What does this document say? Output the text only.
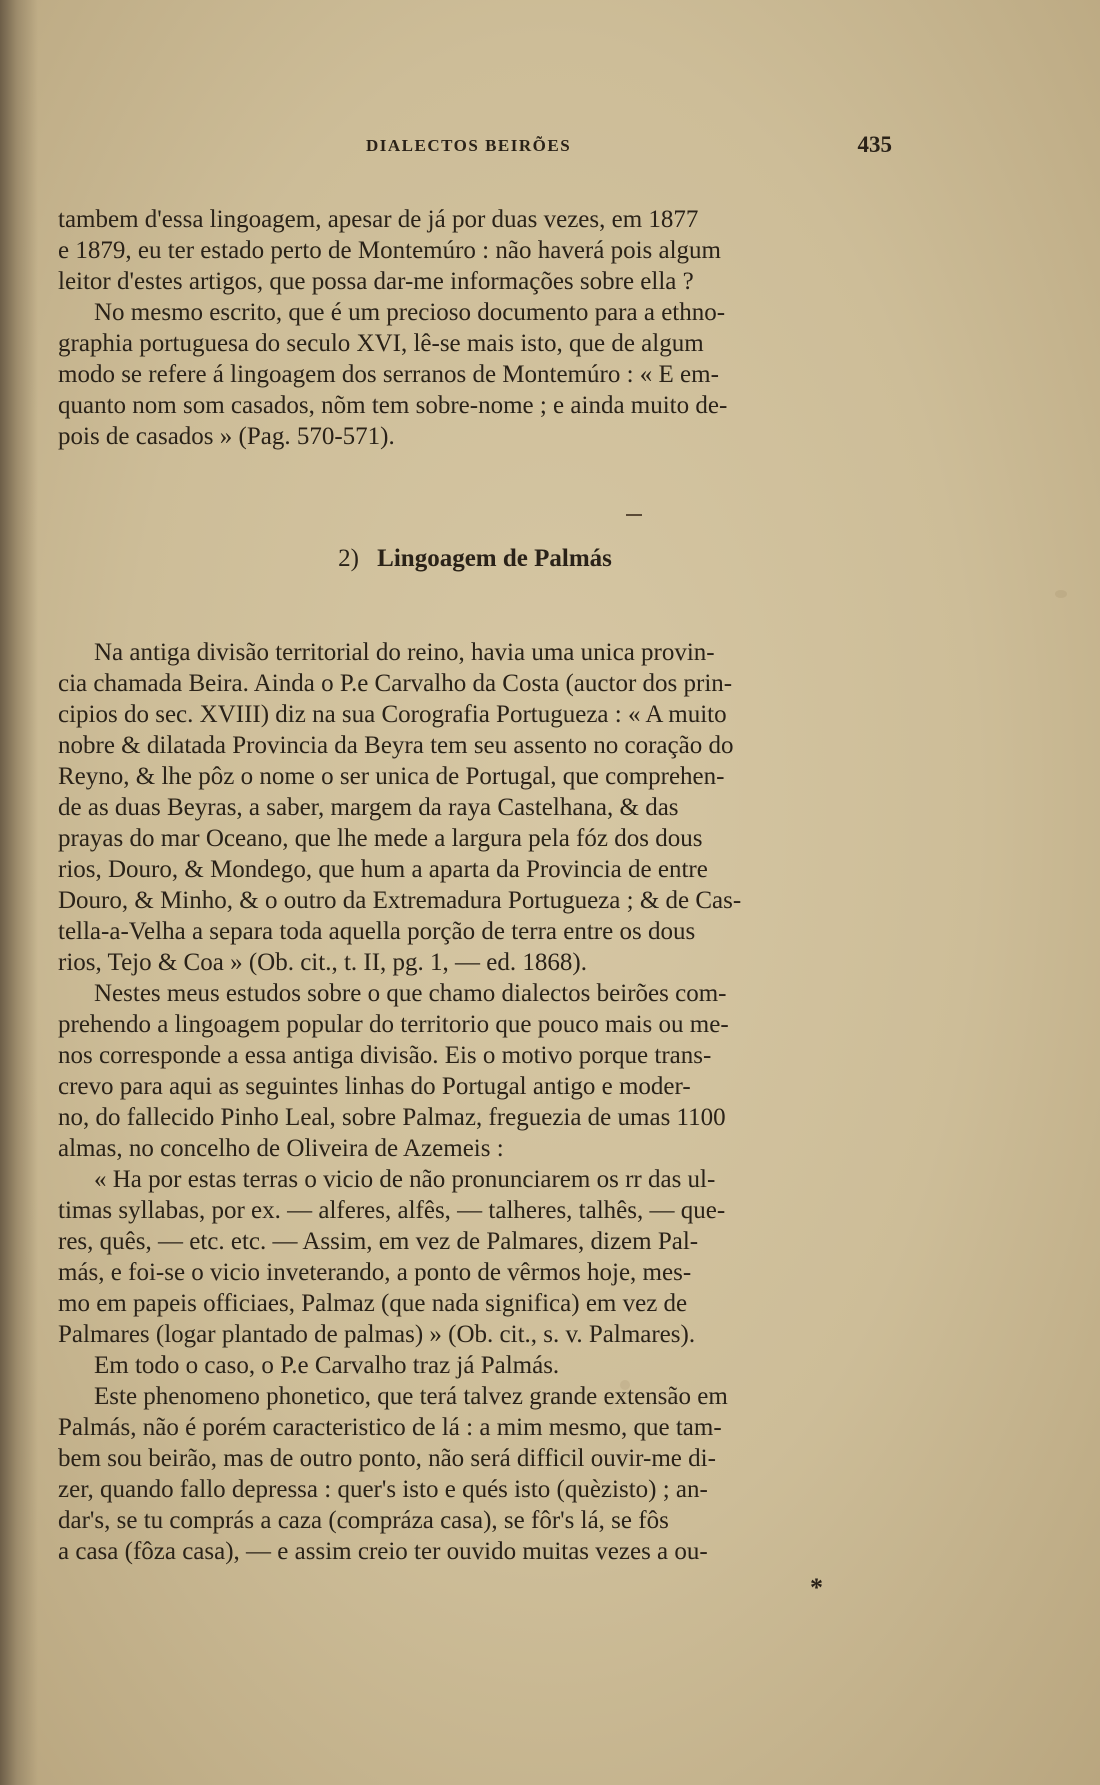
DIALECTOS BEIRÕES	435
tambem d'essa lingoagem, apesar de já por duas vezes, em 1877
e 1879, eu ter estado perto de Montemúro : não haverá pois algum
leitor d'estes artigos, que possa dar-me informações sobre ella ?
No mesmo escrito, que é um precioso documento para a ethno-
graphia portuguesa do seculo XVI, lê-se mais isto, que de algum
modo se refere á lingoagem dos serranos de Montemúro : « E em-
quanto nom som casados, nõm tem sobre-nome ; e ainda muito de-
pois de casados » (Pag. 570-571).
2) Lingoagem de Palmás
Na antiga divisão territorial do reino, havia uma unica provin-
cia chamada Beira. Ainda o P.e Carvalho da Costa (auctor dos prin-
cipios do sec. XVIII) diz na sua Corografia Portugueza : « A muito
nobre & dilatada Provincia da Beyra tem seu assento no coração do
Reyno, & lhe pôz o nome o ser unica de Portugal, que comprehen-
de as duas Beyras, a saber, margem da raya Castelhana, & das
prayas do mar Oceano, que lhe mede a largura pela fóz dos dous
rios, Douro, & Mondego, que hum a aparta da Provincia de entre
Douro, & Minho, & o outro da Extremadura Portugueza ; & de Cas-
tella-a-Velha a separa toda aquella porção de terra entre os dous
rios, Tejo & Coa » (Ob. cit., t. II, pg. 1, — ed. 1868).
Nestes meus estudos sobre o que chamo dialectos beirões com-
prehendo a lingoagem popular do territorio que pouco mais ou me-
nos corresponde a essa antiga divisão. Eis o motivo porque trans-
crevo para aqui as seguintes linhas do Portugal antigo e moder-
no, do fallecido Pinho Leal, sobre Palmaz, freguezia de umas 1100
almas, no concelho de Oliveira de Azemeis :
« Ha por estas terras o vicio de não pronunciarem os rr das ul-
timas syllabas, por ex. — alferes, alfês, — talheres, talhês, — que-
res, quês, — etc. etc. — Assim, em vez de Palmares, dizem Pal-
más, e foi-se o vicio inveterando, a ponto de vêrmos hoje, mes-
mo em papeis officiaes, Palmaz (que nada significa) em vez de
Palmares (logar plantado de palmas) » (Ob. cit., s. v. Palmares).
Em todo o caso, o P.e Carvalho traz já Palmás.
Este phenomeno phonetico, que terá talvez grande extensão em
Palmás, não é porém caracteristico de lá : a mim mesmo, que tam-
bem sou beirão, mas de outro ponto, não será difficil ouvir-me di-
zer, quando fallo depressa : quer's isto e qués isto (quèzisto) ; an-
dar's, se tu comprás a caza (compráza casa), se fôr's lá, se fôs
a casa (fôza casa), — e assim creio ter ouvido muitas vezes a ou-
*
